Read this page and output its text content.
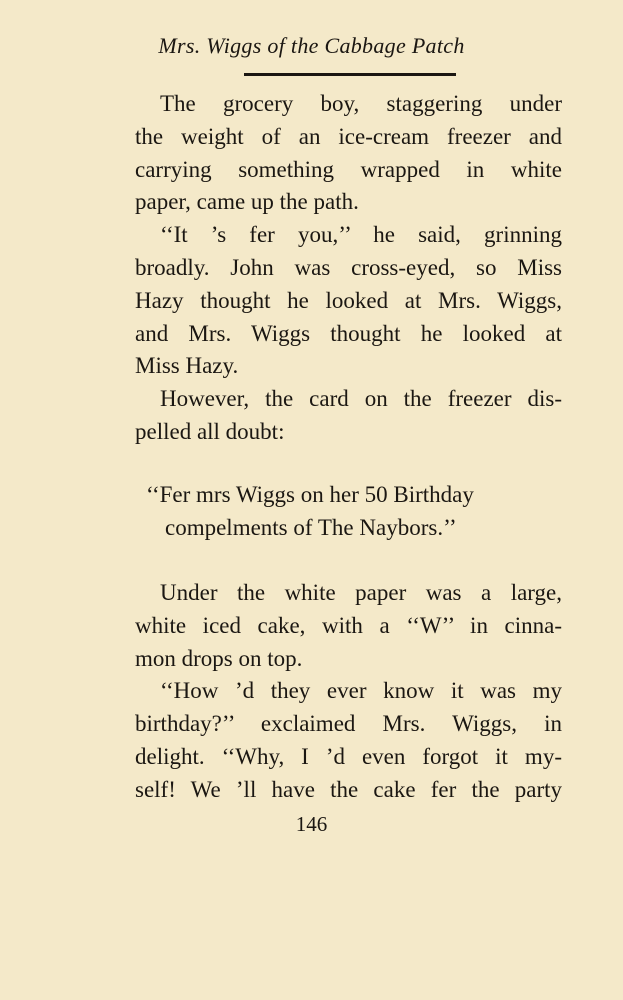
Mrs. Wiggs of the Cabbage Patch

The grocery boy, staggering under

the weight of an ice-cream freezer and

carrying something wrapped in white

paper, came up the path.

‘‘It ’s fer you,’’ he said, grinning

broadly. John was cross-eyed, so Miss

Hazy thought he looked at Mrs. Wiggs,

and Mrs. Wiggs thought he looked at

Miss Hazy.

However, the card on the freezer dis-

pelled all doubt:

‘‘Fer mrs Wiggs on her 50 Birthday

compelments of The Naybors.’’

Under the white paper was a large,

white iced cake, with a ‘‘W’’ in cinna-

mon drops on top.

‘‘How ’d they ever know it was my

birthday?’’ exclaimed Mrs. Wiggs, in

delight. ‘‘Why, I ’d even forgot it my-

self! We ’ll have the cake fer the party

146
